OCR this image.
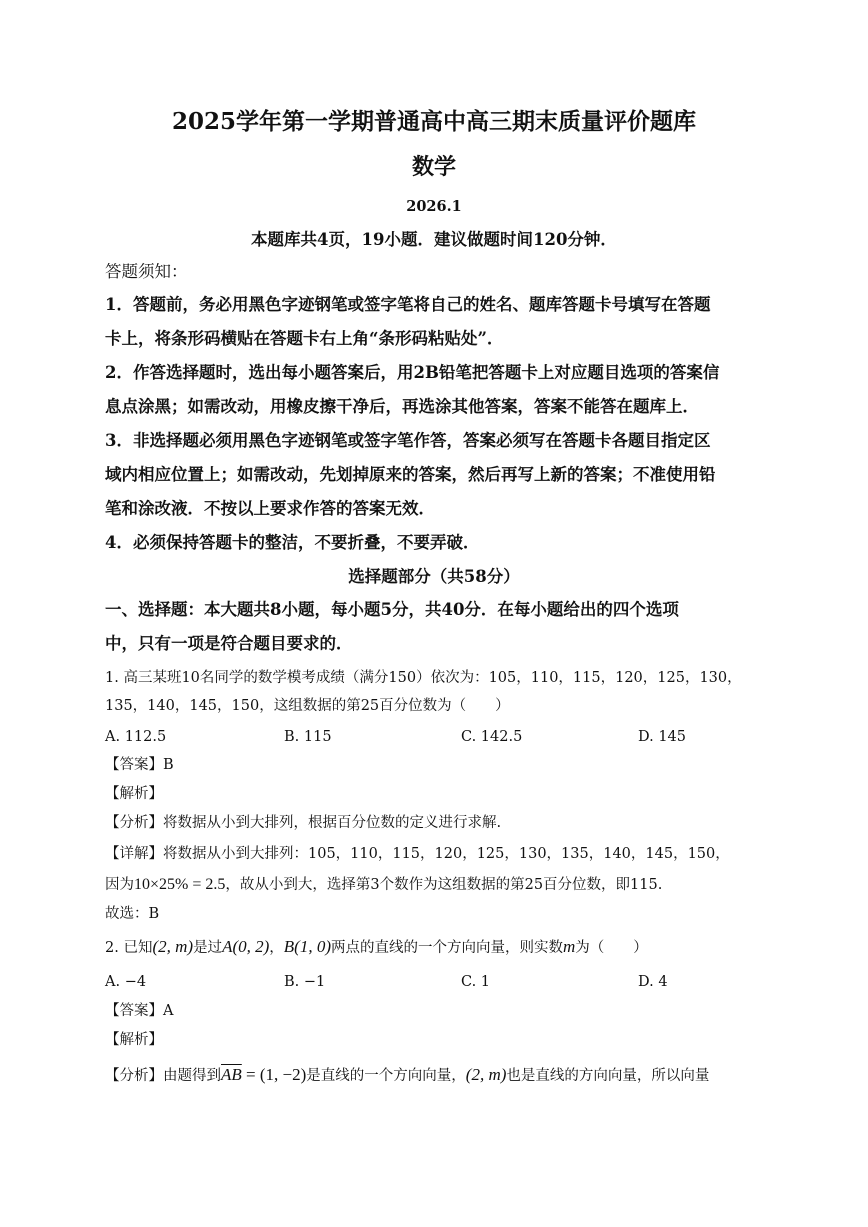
2025学年第一学期普通高中高三期末质量评价题库
数学
2026.1
本题库共4页，19小题．建议做题时间120分钟．
答题须知：
1．答题前，务必用黑色字迹钢笔或签字笔将自己的姓名、题库答题卡号填写在答题
卡上，将条形码横贴在答题卡右上角“条形码粘贴处”．
2．作答选择题时，选出每小题答案后，用2B铅笔把答题卡上对应题目选项的答案信
息点涂黑；如需改动，用橡皮擦干净后，再选涂其他答案，答案不能答在题库上．
3．非选择题必须用黑色字迹钢笔或签字笔作答，答案必须写在答题卡各题目指定区
域内相应位置上；如需改动，先划掉原来的答案，然后再写上新的答案；不准使用铅
笔和涂改液．不按以上要求作答的答案无效．
4．必须保持答题卡的整洁，不要折叠，不要弄破．
选择题部分（共58分）
一、选择题：本大题共8小题，每小题5分，共40分．在每小题给出的四个选项
中，只有一项是符合题目要求的．
1. 高三某班10名同学的数学模考成绩（满分150）依次为：105，110，115，120，125，130，
135，140，145，150，这组数据的第25百分位数为（　　）
A. 112.5	B. 115	C. 142.5	D. 145
【答案】B
【解析】
【分析】将数据从小到大排列，根据百分位数的定义进行求解.
【详解】将数据从小到大排列：105，110，115，120，125，130，135，140，145，150，
因为10×25% = 2.5，故从小到大，选择第3个数作为这组数据的第25百分位数，即115.
故选：B
2. 已知(2, m)是过A(0, 2)，B(1, 0)两点的直线的一个方向向量，则实数m为（　　）
A. −4	B. −1	C. 1	D. 4
【答案】A
【解析】
【分析】由题得到$\overline{AB} = (1$, −2)是直线的一个方向向量，(2, m)也是直线的方向向量，所以向量
